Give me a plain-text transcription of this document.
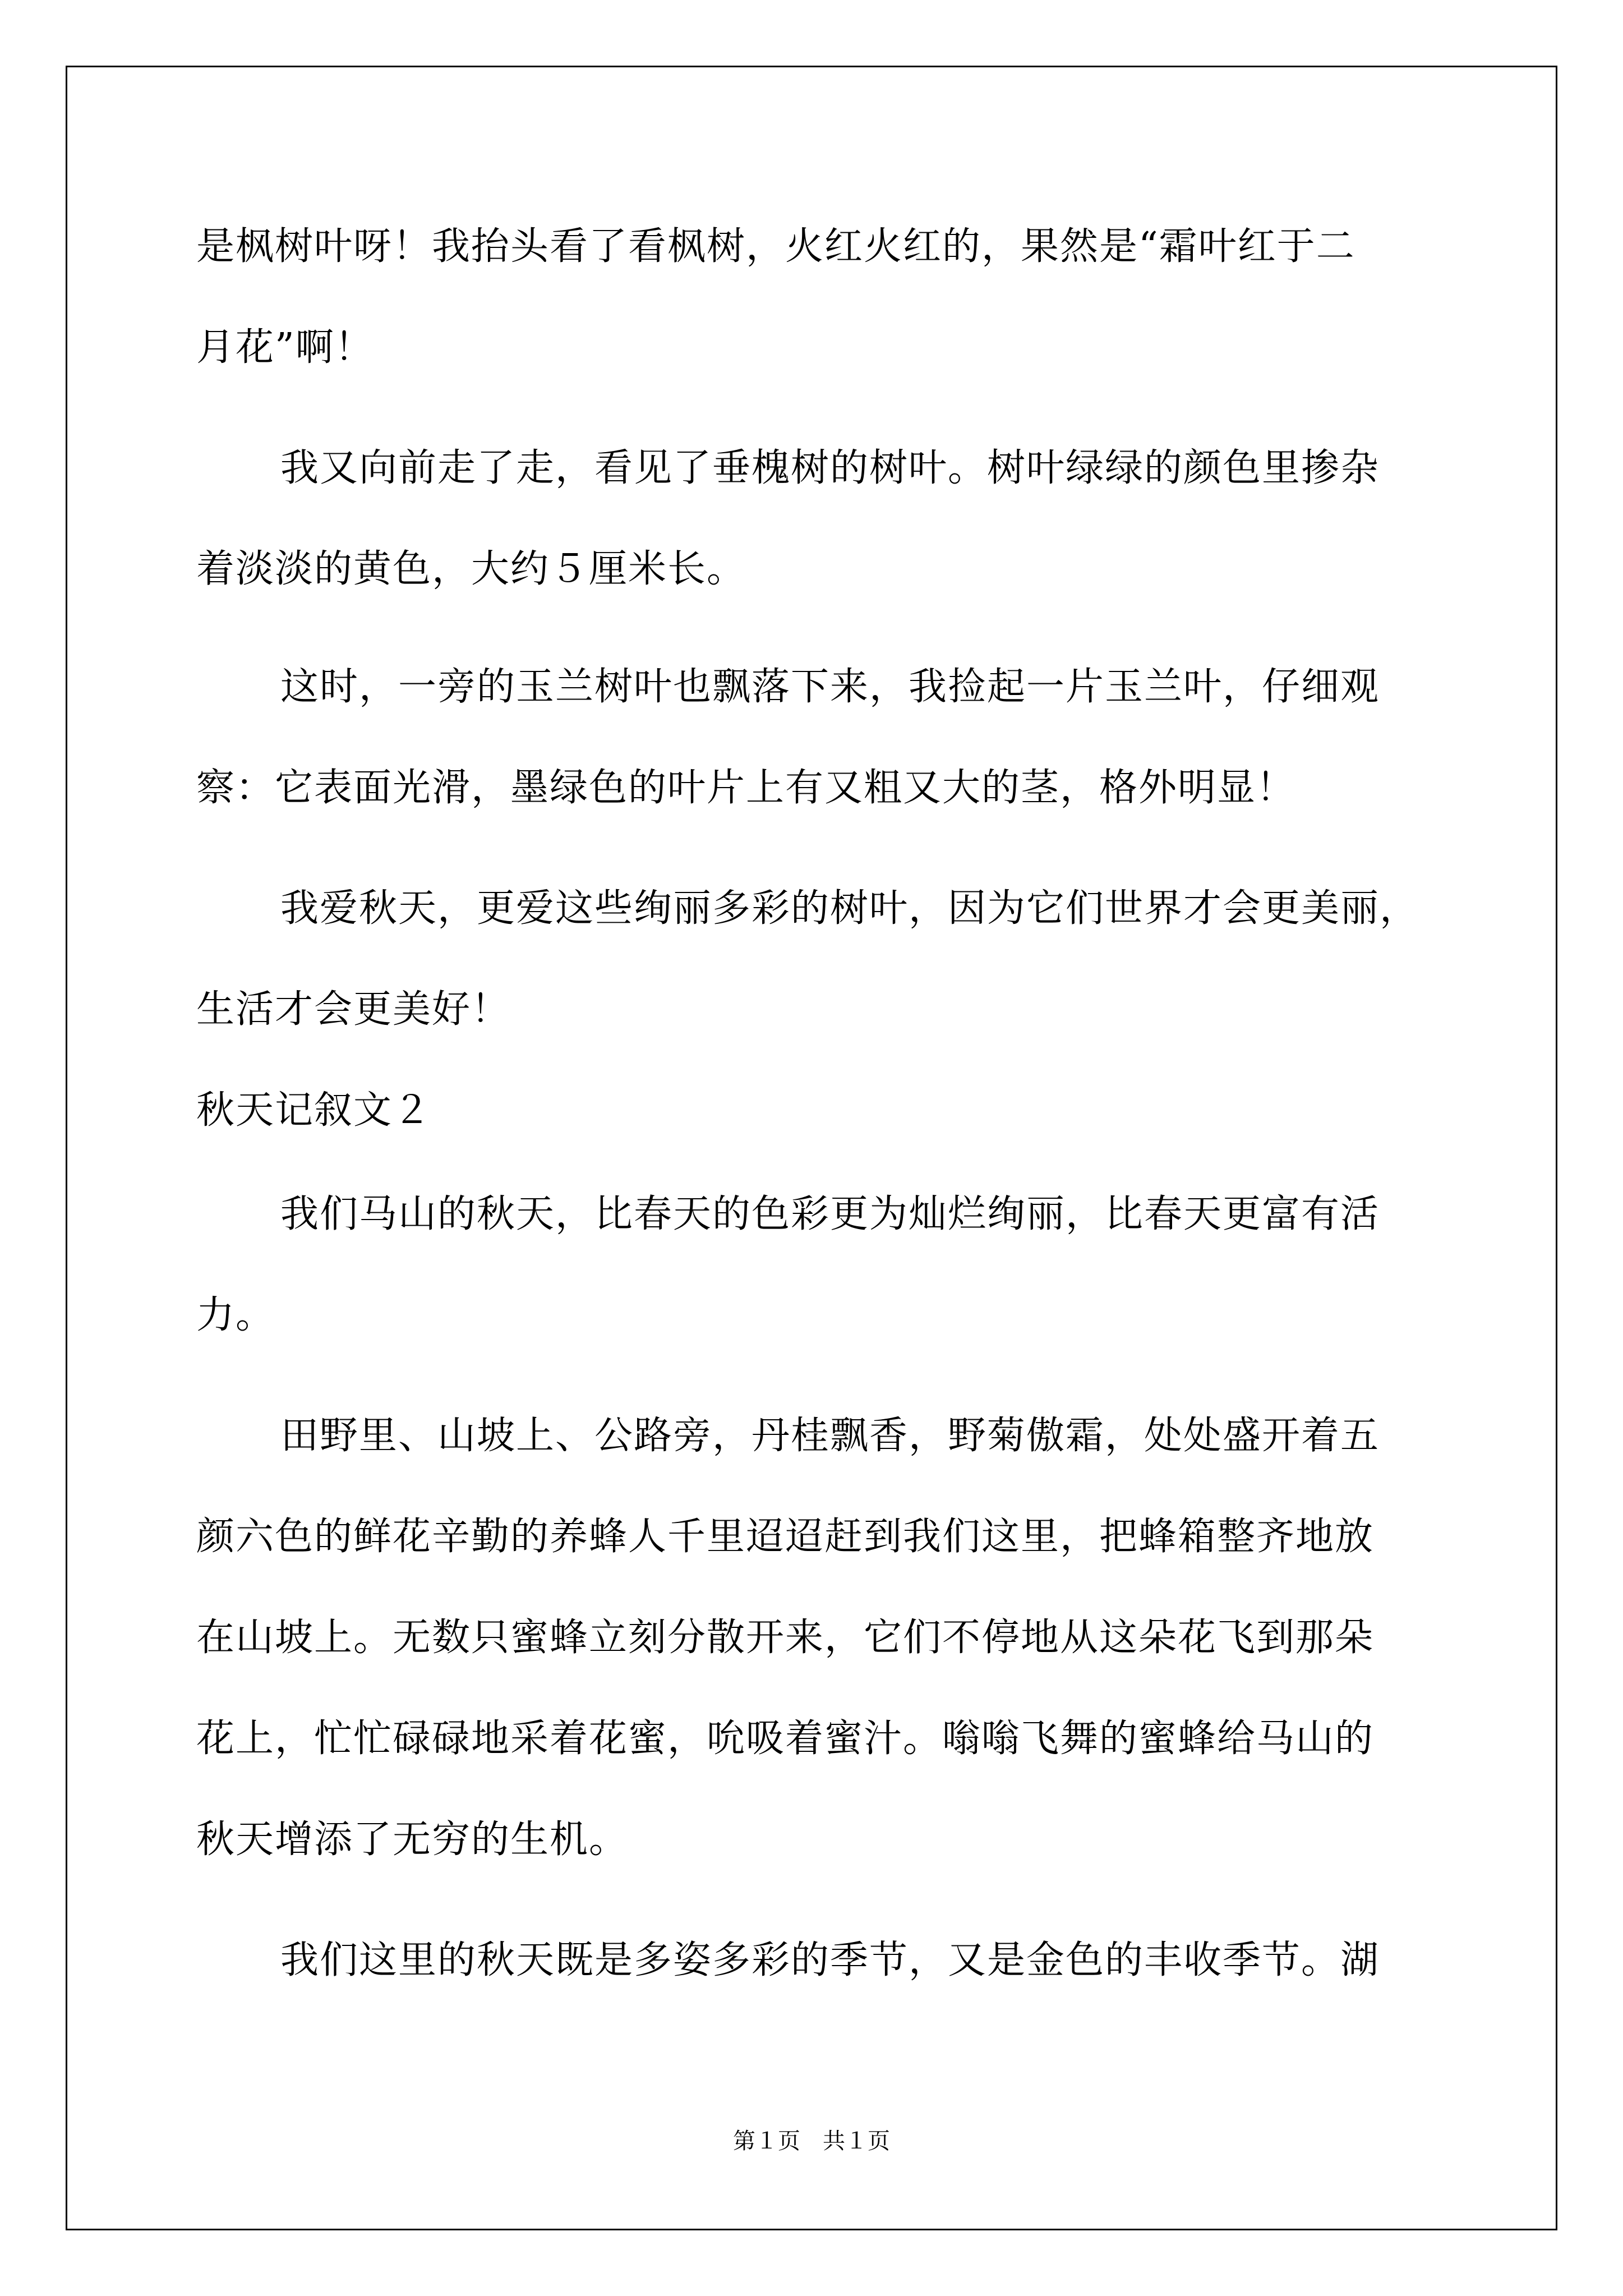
是枫树叶呀！我抬头看了看枫树，火红火红的，果然是“霜叶红于二
月花”啊！
我又向前走了走，看见了垂槐树的树叶。树叶绿绿的颜色里掺杂
着淡淡的黄色，大约５厘米长。
这时，一旁的玉兰树叶也飘落下来，我捡起一片玉兰叶，仔细观
察：它表面光滑，墨绿色的叶片上有又粗又大的茎，格外明显！
我爱秋天，更爱这些绚丽多彩的树叶，因为它们世界才会更美丽，
生活才会更美好！
秋天记叙文２
我们马山的秋天，比春天的色彩更为灿烂绚丽，比春天更富有活
力。
田野里、山坡上、公路旁，丹桂飘香，野菊傲霜，处处盛开着五
颜六色的鲜花辛勤的养蜂人千里迢迢赶到我们这里，把蜂箱整齐地放
在山坡上。无数只蜜蜂立刻分散开来，它们不停地从这朵花飞到那朵
花上，忙忙碌碌地采着花蜜，吮吸着蜜汁。嗡嗡飞舞的蜜蜂给马山的
秋天增添了无穷的生机。
我们这里的秋天既是多姿多彩的季节，又是金色的丰收季节。湖
第１页　共１页
